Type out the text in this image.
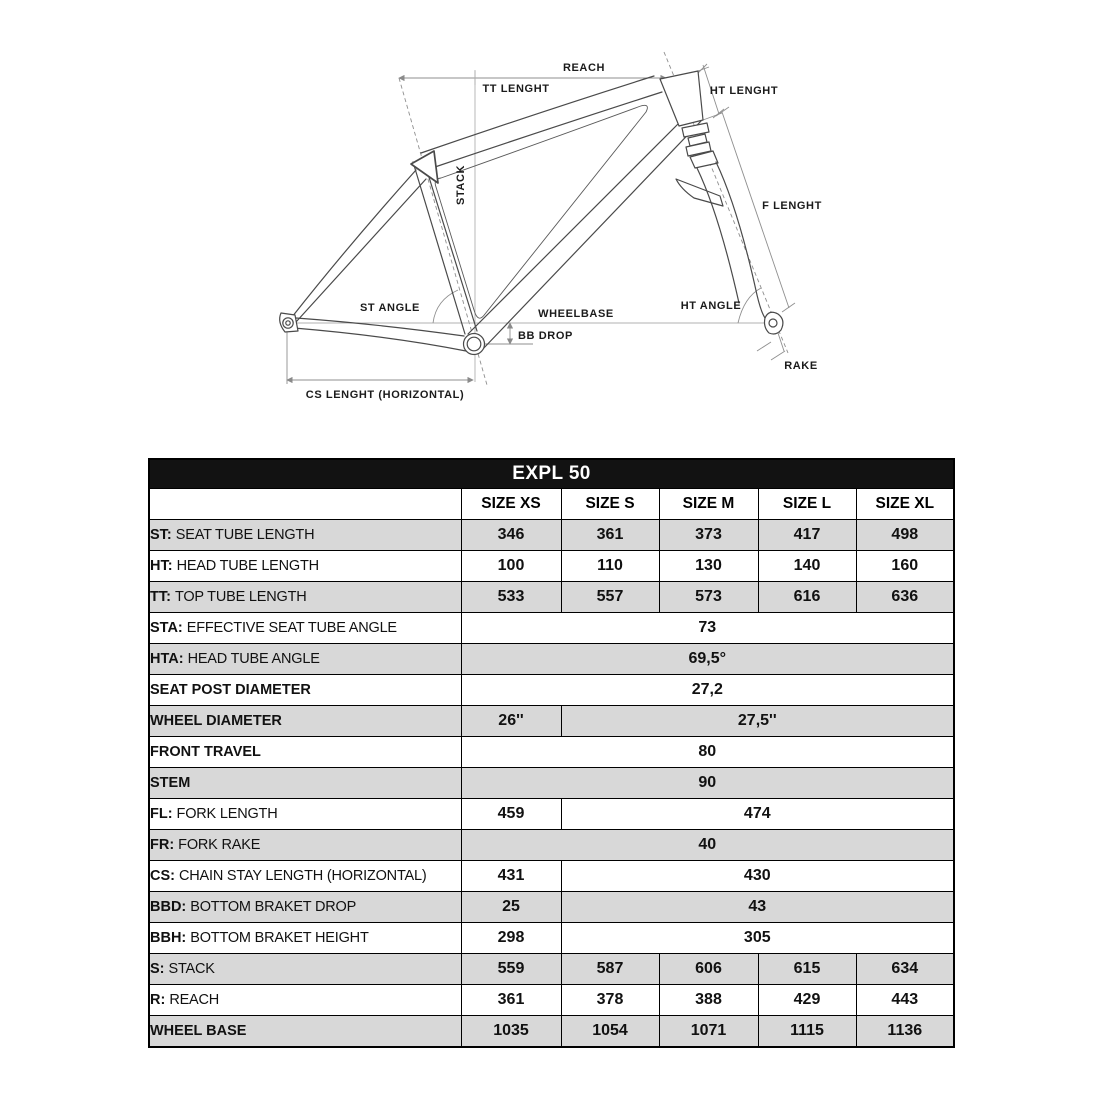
REACH
TT LENGHT	HT LENGHT
STACK
F LENGHT
ST ANGLE	WHEELBASE
BB DROP
HT ANGLE
RAKE
CS LENGHT (HORIZONTAL)
EXPL 50					
	SIZE XS	SIZE S	SIZE M	SIZE L	SIZE XL
ST: SEAT TUBE LENGTH	346	361	373	417	498
HT: HEAD TUBE LENGTH	100	110	130	140	160
TT: TOP TUBE LENGTH	533	557	573	616	636
STA: EFFECTIVE SEAT TUBE ANGLE	73				
HTA: HEAD TUBE ANGLE	69,5°				
SEAT POST DIAMETER	27,2				
WHEEL DIAMETER	26''	27,5''			
FRONT TRAVEL	80				
STEM	90				
FL: FORK LENGTH	459	474			
FR: FORK RAKE	40				
CS: CHAIN STAY LENGTH (HORIZONTAL)	431	430			
BBD: BOTTOM BRAKET DROP	25	43			
BBH: BOTTOM BRAKET HEIGHT	298	305			
S: STACK	559	587	606	615	634
R: REACH	361	378	388	429	443
WHEEL BASE	1035	1054	1071	1115	1136
